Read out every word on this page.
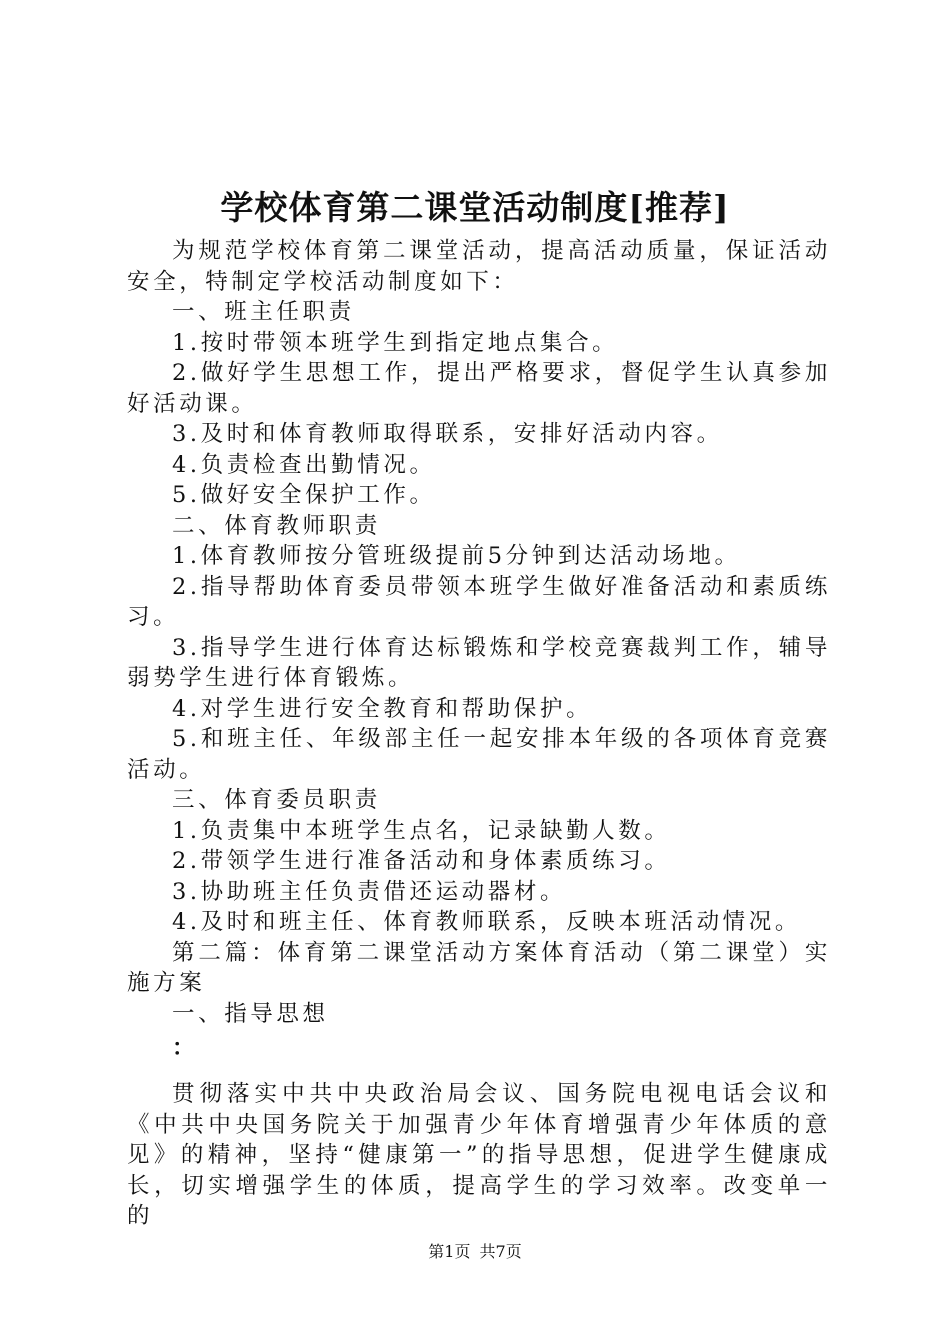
学校体育第二课堂活动制度[推荐]

为规范学校体育第二课堂活动，提高活动质量，保证活动安全，特制定学校活动制度如下：

一、班主任职责

1.按时带领本班学生到指定地点集合。

2.做好学生思想工作，提出严格要求，督促学生认真参加好活动课。

3.及时和体育教师取得联系，安排好活动内容。

4.负责检查出勤情况。

5.做好安全保护工作。

二、体育教师职责

1.体育教师按分管班级提前5分钟到达活动场地。

2.指导帮助体育委员带领本班学生做好准备活动和素质练习。

3.指导学生进行体育达标锻炼和学校竞赛裁判工作，辅导弱势学生进行体育锻炼。

4.对学生进行安全教育和帮助保护。

5.和班主任、年级部主任一起安排本年级的各项体育竞赛活动。

三、体育委员职责

1.负责集中本班学生点名，记录缺勤人数。

2.带领学生进行准备活动和身体素质练习。

3.协助班主任负责借还运动器材。

4.及时和班主任、体育教师联系，反映本班活动情况。

第二篇：体育第二课堂活动方案体育活动（第二课堂）实施方案

一、指导思想

：

贯彻落实中共中央政治局会议、国务院电视电话会议和《中共中央国务院关于加强青少年体育增强青少年体质的意见》的精神，坚持“健康第一”的指导思想，促进学生健康成长，切实增强学生的体质，提高学生的学习效率。改变单一的

第1页 共7页
